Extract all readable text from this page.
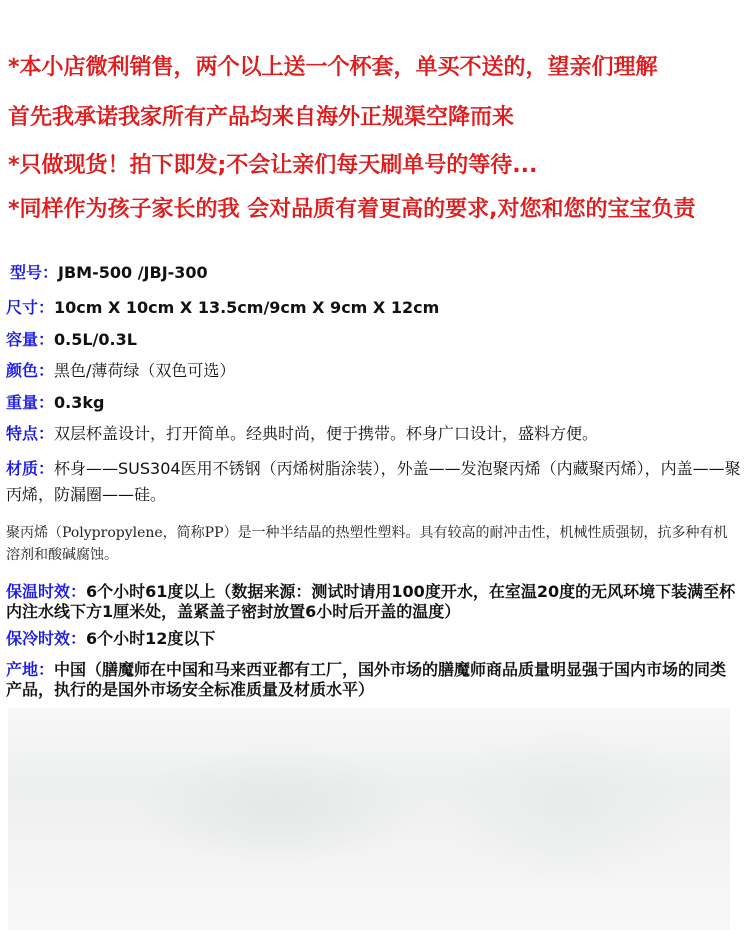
*本小店微利销售，两个以上送一个杯套，单买不送的，望亲们理解
首先我承诺我家所有产品均来自海外正规渠空降而来
*只做现货！拍下即发;不会让亲们每天刷单号的等待...
*同样作为孩子家长的我 会对品质有着更高的要求,对您和您的宝宝负责
型号：JBM-500 /JBJ-300
尺寸：10cm X 10cm X 13.5cm/9cm X 9cm X 12cm
容量：0.5L/0.3L
颜色：黑色/薄荷绿（双色可选）
重量：0.3kg
特点：双层杯盖设计，打开简单。经典时尚，便于携带。杯身广口设计，盛料方便。
材质：杯身——SUS304医用不锈钢（丙烯树脂涂装），外盖——发泡聚丙烯（内藏聚丙烯），内盖——聚丙烯，防漏圈——硅。
聚丙烯（Polypropylene，简称PP）是一种半结晶的热塑性塑料。具有较高的耐冲击性，机械性质强韧，抗多种有机溶剂和酸碱腐蚀。
保温时效：6个小时61度以上（数据来源：测试时请用100度开水，在室温20度的无风环境下装满至杯内注水线下方1厘米处，盖紧盖子密封放置6小时后开盖的温度）
保冷时效：6个小时12度以下
产地：中国（膳魔师在中国和马来西亚都有工厂，国外市场的膳魔师商品质量明显强于国内市场的同类产品，执行的是国外市场安全标准质量及材质水平）
